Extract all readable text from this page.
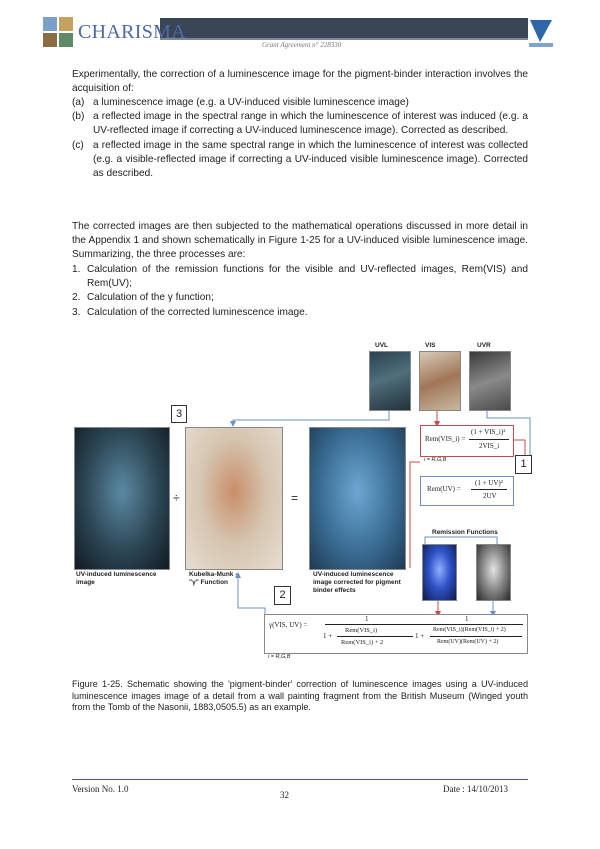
CHARISMA
Grant Agreement n° 228330
Experimentally, the correction of a luminescence image for the pigment-binder interaction involves the acquisition of:
(a) a luminescence image (e.g. a UV-induced visible luminescence image)
(b) a reflected image in the spectral range in which the luminescence of interest was induced (e.g. a UV-reflected image if correcting a UV-induced luminescence image). Corrected as described.
(c) a reflected image in the same spectral range in which the luminescence of interest was collected (e.g. a visible-reflected image if correcting a UV-induced visible luminescence image). Corrected as described.
The corrected images are then subjected to the mathematical operations discussed in more detail in the Appendix 1 and shown schematically in Figure 1-25 for a UV-induced visible luminescence image. Summarizing, the three processes are:
1. Calculation of the remission functions for the visible and UV-reflected images, Rem(VIS) and Rem(UV);
2. Calculation of the γ function;
3. Calculation of the corrected luminescence image.
UVL	VIS	UVR
3
÷	=
UV-induced luminescence image
Kubelka-Munk -
"γ" Function
UV-induced luminescence image corrected for pigment binder effects
Rem(VIS_i) =
(1 + VIS_i)²
2VIS_i
i = R,G,B	1
Rem(UV) =
(1 + UV)²
2UV
Remission Functions
2
γ(VIS, UV) =
1
1 +
Rem(VIS_i)
Rem(VIS_i) + 2
1
1 +
Rem(VIS_i)(Rem(VIS_i) + 2)
Rem(UV)(Rem(UV) + 2)
i = R,G,B
Figure 1-25. Schematic showing the 'pigment-binder' correction of luminescence images using a UV-induced luminescence images image of a detail from a wall painting fragment from the British Museum (Winged youth from the Tomb of the Nasonii, 1883,0505.5) as an example.
Version No. 1.0
32
Date : 14/10/2013
